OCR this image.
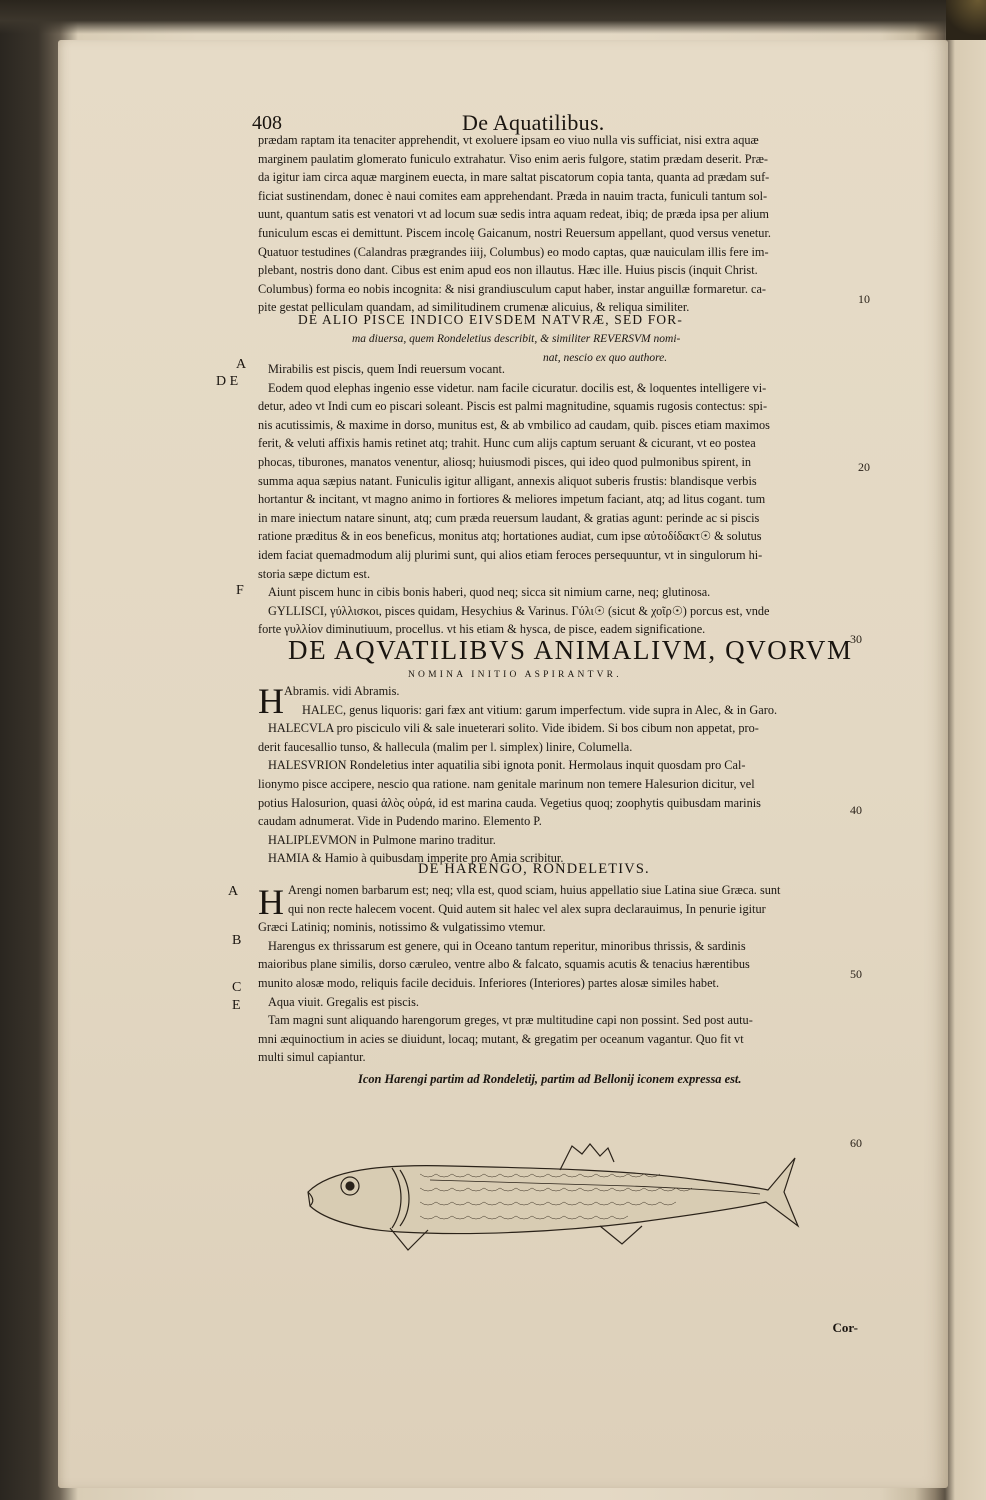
408	De Aquatilibus.

prædam raptam ita tenaciter apprehendit, vt exoluere ipsam eo viuo nulla vis sufficiat, nisi extra aquæ

marginem paulatim glomerato funiculo extrahatur. Viso enim aeris fulgore, statim prædam deserit. Præ-

da igitur iam circa aquæ marginem euecta, in mare saltat piscatorum copia tanta, quanta ad prædam suf-

ficiat sustinendam, donec è naui comites eam apprehendant. Præda in nauim tracta, funiculi tantum sol-

uunt, quantum satis est venatori vt ad locum suæ sedis intra aquam redeat, ibiq; de præda ipsa per alium

funiculum escas ei demittunt. Piscem incolę Gaicanum, nostri Reuersum appellant, quod versus venetur.

Quatuor testudines (Calandras prægrandes iiij, Columbus) eo modo captas, quæ nauiculam illis fere im-

plebant, nostris dono dant. Cibus est enim apud eos non illautus. Hæc ille. Huius piscis (inquit Christ.

Columbus) forma eo nobis incognita: & nisi grandiusculum caput haber, instar anguillæ formaretur. ca-

pite gestat pelliculam quandam, ad similitudinem crumenæ alicuius, & reliqua similiter.

DE ALIO PISCE INDICO EIVSDEM NATVRÆ, SED FOR-
ma diuersa, quem Rondeletius describit, & similiter REVERSVM nomi-
nat, nescio ex quo authore.

Mirabilis est piscis, quem Indi reuersum vocant.

Eodem quod elephas ingenio esse videtur. nam facile cicuratur. docilis est, & loquentes intelligere vi-

detur, adeo vt Indi cum eo piscari soleant. Piscis est palmi magnitudine, squamis rugosis contectus: spi-

nis acutissimis, & maxime in dorso, munitus est, & ab vmbilico ad caudam, quib. pisces etiam maximos

ferit, & veluti affixis hamis retinet atq; trahit. Hunc cum alijs captum seruant & cicurant, vt eo postea

phocas, tiburones, manatos venentur, aliosq; huiusmodi pisces, qui ideo quod pulmonibus spirent, in

summa aqua sæpius natant. Funiculis igitur alligant, annexis aliquot suberis frustis: blandisque verbis

hortantur & incitant, vt magno animo in fortiores & meliores impetum faciant, atq; ad litus cogant. tum

in mare iniectum natare sinunt, atq; cum præda reuersum laudant, & gratias agunt: perinde ac si piscis

ratione præditus & in eos beneficus, monitus atq; hortationes audiat, cum ipse αὐτοδίδακτ☉ & solutus

idem faciat quemadmodum alij plurimi sunt, qui alios etiam feroces persequuntur, vt in singulorum hi-

storia sæpe dictum est.

Aiunt piscem hunc in cibis bonis haberi, quod neq; sicca sit nimium carne, neq; glutinosa.

GYLLISCI, γύλλισκοι, pisces quidam, Hesychius & Varinus. Γύλι☉ (sicut & χοῖρ☉) porcus est, vnde

forte γυλλίον diminutiuum, procellus. vt his etiam & hysca, de pisce, eadem significatione.

DE AQVATILIBVS ANIMALIVM, QVORVM
NOMINA INITIO ASPIRANTVR.
H Abramis. vidi Abramis.

HALEC, genus liquoris: gari fæx ant vitium: garum imperfectum. vide supra in Alec, & in Garo.

HALECVLA pro pisciculo vili & sale inueterari solito. Vide ibidem. Si bos cibum non appetat, pro-

derit faucesallio tunso, & hallecula (malim per l. simplex) linire, Columella.

HALESVRION Rondeletius inter aquatilia sibi ignota ponit. Hermolaus inquit quosdam pro Cal-

lionymo pisce accipere, nescio qua ratione. nam genitale marinum non temere Halesurion dicitur, vel

potius Halosurion, quasi ἁλὸς οὐρά, id est marina cauda. Vegetius quoq; zoophytis quibusdam marinis

caudam adnumerat. Vide in Pudendo marino. Elemento P.

HALIPLEVMON in Pulmone marino traditur.

HAMIA & Hamio à quibusdam imperite pro Amia scribitur.

DE HARENGO, RONDELETIVS.
H Arengi nomen barbarum est; neq; vlla est, quod sciam, huius appellatio siue Latina siue Græca. sunt

qui non recte halecem vocent. Quid autem sit halec vel alex supra declarauimus, In penurie igitur

Græci Latiniq; nominis, notissimo & vulgatissimo vtemur.

Harengus ex thrissarum est genere, qui in Oceano tantum reperitur, minoribus thrissis, & sardinis

maioribus plane similis, dorso cæruleo, ventre albo & falcato, squamis acutis & tenacius hærentibus

munito alosæ modo, reliquis facile deciduis. Inferiores (Interiores) partes alosæ similes habet.

Aqua viuit. Gregalis est piscis.

Tam magni sunt aliquando harengorum greges, vt præ multitudine capi non possint. Sed post autu-

mni æquinoctium in acies se diuidunt, locaq; mutant, & gregatim per oceanum vagantur. Quo fit vt

multi simul capiantur.

Icon Harengi partim ad Rondeletij, partim ad Bellonij iconem expressa est.
A
D E
F
A
B
C
E
10
20
30
40
50
60
Cor-
